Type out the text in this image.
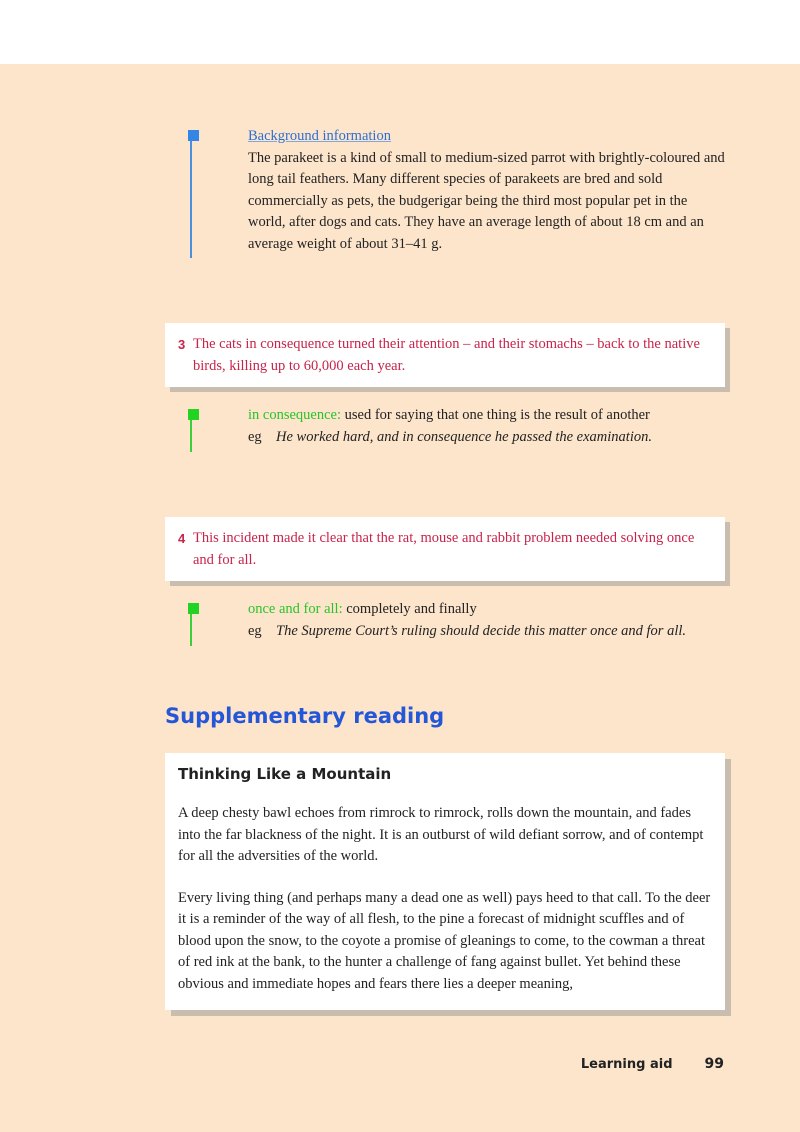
Background information
The parakeet is a kind of small to medium-sized parrot with brightly-coloured and long tail feathers. Many different species of parakeets are bred and sold commercially as pets, the budgerigar being the third most popular pet in the world, after dogs and cats. They have an average length of about 18 cm and an average weight of about 31–41 g.
3 The cats in consequence turned their attention – and their stomachs – back to the native birds, killing up to 60,000 each year.
in consequence: used for saying that one thing is the result of another
eg He worked hard, and in consequence he passed the examination.
4 This incident made it clear that the rat, mouse and rabbit problem needed solving once and for all.
once and for all: completely and finally
eg The Supreme Court’s ruling should decide this matter once and for all.
Supplementary reading
Thinking Like a Mountain

A deep chesty bawl echoes from rimrock to rimrock, rolls down the mountain, and fades into the far blackness of the night. It is an outburst of wild defiant sorrow, and of contempt for all the adversities of the world.

Every living thing (and perhaps many a dead one as well) pays heed to that call. To the deer it is a reminder of the way of all flesh, to the pine a forecast of midnight scuffles and of blood upon the snow, to the coyote a promise of gleanings to come, to the cowman a threat of red ink at the bank, to the hunter a challenge of fang against bullet. Yet behind these obvious and immediate hopes and fears there lies a deeper meaning,

Learning aid 99
